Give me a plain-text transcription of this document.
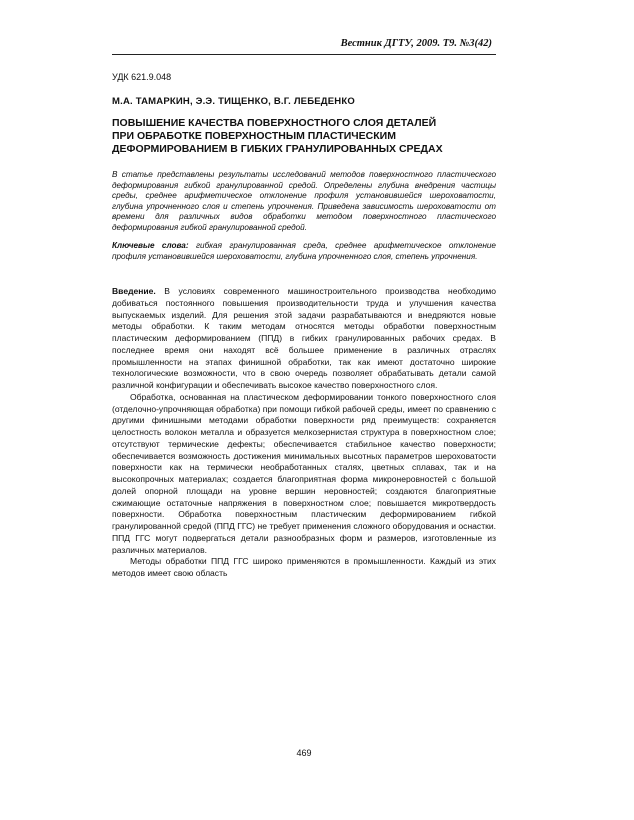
Вестник ДГТУ, 2009. Т9. №3(42)
УДК 621.9.048
М.А. ТАМАРКИН, Э.Э. ТИЩЕНКО, В.Г. ЛЕБЕДЕНКО
ПОВЫШЕНИЕ КАЧЕСТВА ПОВЕРХНОСТНОГО СЛОЯ ДЕТАЛЕЙ
ПРИ ОБРАБОТКЕ ПОВЕРХНОСТНЫМ ПЛАСТИЧЕСКИМ
ДЕФОРМИРОВАНИЕМ В ГИБКИХ ГРАНУЛИРОВАННЫХ СРЕДАХ
В статье представлены результаты исследований методов поверхностного пластического деформирования гибкой гранулированной средой. Определены глубина внедрения частицы среды, среднее арифметическое отклонение профиля установившейся шероховатости, глубина упрочненного слоя и степень упрочнения. Приведена зависимость шероховатости от времени для различных видов обработки методом поверхностного пластического деформирования гибкой гранулированной средой.
Ключевые слова: гибкая гранулированная среда, среднее арифметическое отклонение профиля установившейся шероховатости, глубина упрочненного слоя, степень упрочнения.

Введение. В условиях современного машиностроительного производства необходимо добиваться постоянного повышения производительности труда и улучшения качества выпускаемых изделий. Для решения этой задачи разрабатываются и внедряются новые методы обработки. К таким методам относятся методы обработки поверхностным пластическим деформированием (ППД) в гибких гранулированных рабочих средах. В последнее время они находят всё большее применение в различных отраслях промышленности на этапах финишной обработки, так как имеют достаточно широкие технологические возможности, что в свою очередь позволяет обрабатывать детали самой различной конфигурации и обеспечивать высокое качество поверхностного слоя.

Обработка, основанная на пластическом деформировании тонкого поверхностного слоя (отделочно-упрочняющая обработка) при помощи гибкой рабочей среды, имеет по сравнению с другими финишными методами обработки поверхности ряд преимуществ: сохраняется целостность волокон металла и образуется мелкозернистая структура в поверхностном слое; отсутствуют термические дефекты; обеспечивается стабильное качество поверхности; обеспечивается возможность достижения минимальных высотных параметров шероховатости поверхности как на термически необработанных сталях, цветных сплавах, так и на высокопрочных материалах; создается благоприятная форма микронеровностей с большой долей опорной площади на уровне вершин неровностей; создаются благоприятные сжимающие остаточные напряжения в поверхностном слое; повышается микротвердость поверхности. Обработка поверхностным пластическим деформированием гибкой гранулированной средой (ППД ГГС) не требует применения сложного оборудования и оснастки. ППД ГГС могут подвергаться детали разнообразных форм и размеров, изготовленные из различных материалов.

Методы обработки ППД ГГС широко применяются в промышленности. Каждый из этих методов имеет свою область

469
